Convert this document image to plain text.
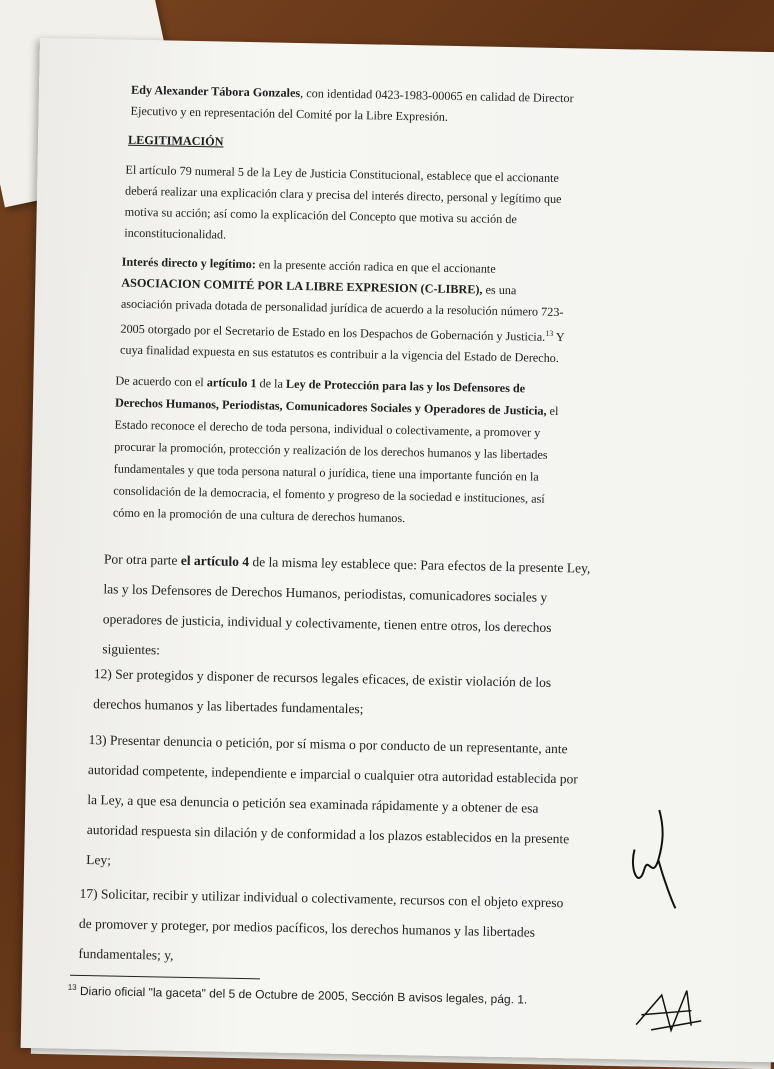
Edy Alexander Tábora Gonzales, con identidad 0423-1983-00065 en calidad de Director

Ejecutivo y en representación del Comité por la Libre Expresión.

LEGITIMACIÓN

El artículo 79 numeral 5 de la Ley de Justicia Constitucional, establece que el accionante

deberá realizar una explicación clara y precisa del interés directo, personal y legítimo que

motiva su acción; así como la explicación del Concepto que motiva su acción de

inconstitucionalidad.

Interés directo y legítimo: en la presente acción radica en que el accionante

ASOCIACION COMITÉ POR LA LIBRE EXPRESION (C-LIBRE), es una

asociación privada dotada de personalidad jurídica de acuerdo a la resolución número 723-

2005 otorgado por el Secretario de Estado en los Despachos de Gobernación y Justicia.$^{13}$ Y

cuya finalidad expuesta en sus estatutos es contribuir a la vigencia del Estado de Derecho.

De acuerdo con el artículo 1 de la Ley de Protección para las y los Defensores de

Derechos Humanos, Periodistas, Comunicadores Sociales y Operadores de Justicia, el

Estado reconoce el derecho de toda persona, individual o colectivamente, a promover y

procurar la promoción, protección y realización de los derechos humanos y las libertades

fundamentales y que toda persona natural o jurídica, tiene una importante función en la

consolidación de la democracia, el fomento y progreso de la sociedad e instituciones, así

cómo en la promoción de una cultura de derechos humanos.

Por otra parte el artículo 4 de la misma ley establece que: Para efectos de la presente Ley,

las y los Defensores de Derechos Humanos, periodistas, comunicadores sociales y

operadores de justicia, individual y colectivamente, tienen entre otros, los derechos

siguientes:

12) Ser protegidos y disponer de recursos legales eficaces, de existir violación de los

derechos humanos y las libertades fundamentales;

13) Presentar denuncia o petición, por sí misma o por conducto de un representante, ante

autoridad competente, independiente e imparcial o cualquier otra autoridad establecida por

la Ley, a que esa denuncia o petición sea examinada rápidamente y a obtener de esa

autoridad respuesta sin dilación y de conformidad a los plazos establecidos en la presente

Ley;

17) Solicitar, recibir y utilizar individual o colectivamente, recursos con el objeto expreso

de promover y proteger, por medios pacíficos, los derechos humanos y las libertades

fundamentales; y,

$^{13}$ Diario oficial "la gaceta" del 5 de Octubre de 2005, Sección B avisos legales, pág. 1.
